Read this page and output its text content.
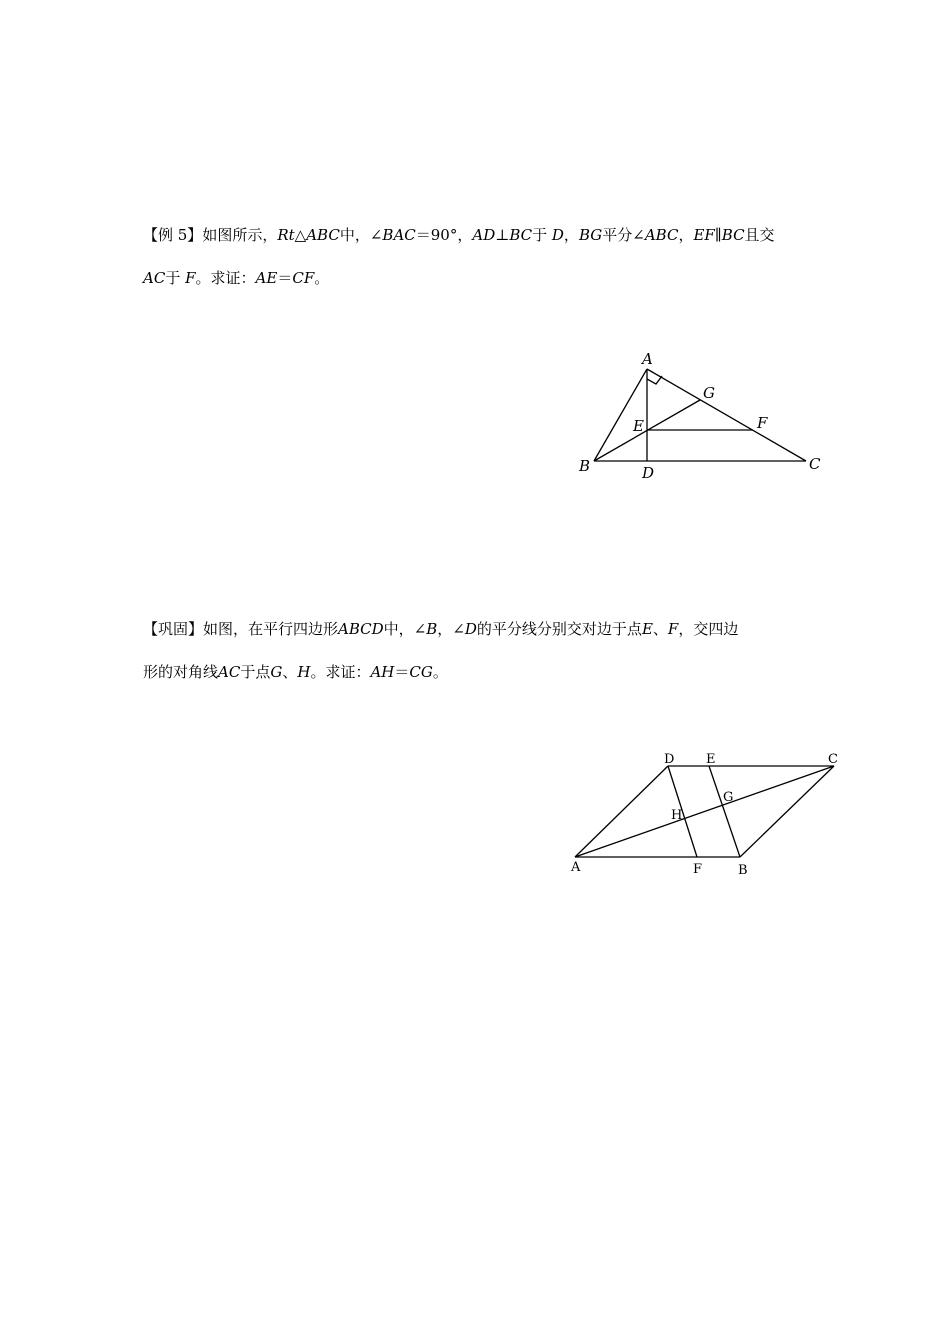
【例 5】如图所示，Rt△ABC中，∠BAC＝90°，AD⊥BC于 D，BG平分∠ABC，EF∥BC且交
AC于 F。求证：AE＝CF。
A
G
E	F
B	D	C
【巩固】如图，在平行四边形ABCD中，∠B，∠D的平分线分别交对边于点E、F，交四边
形的对角线AC于点G、H。求证：AH＝CG。
D E	C
G
H
A	F	B
